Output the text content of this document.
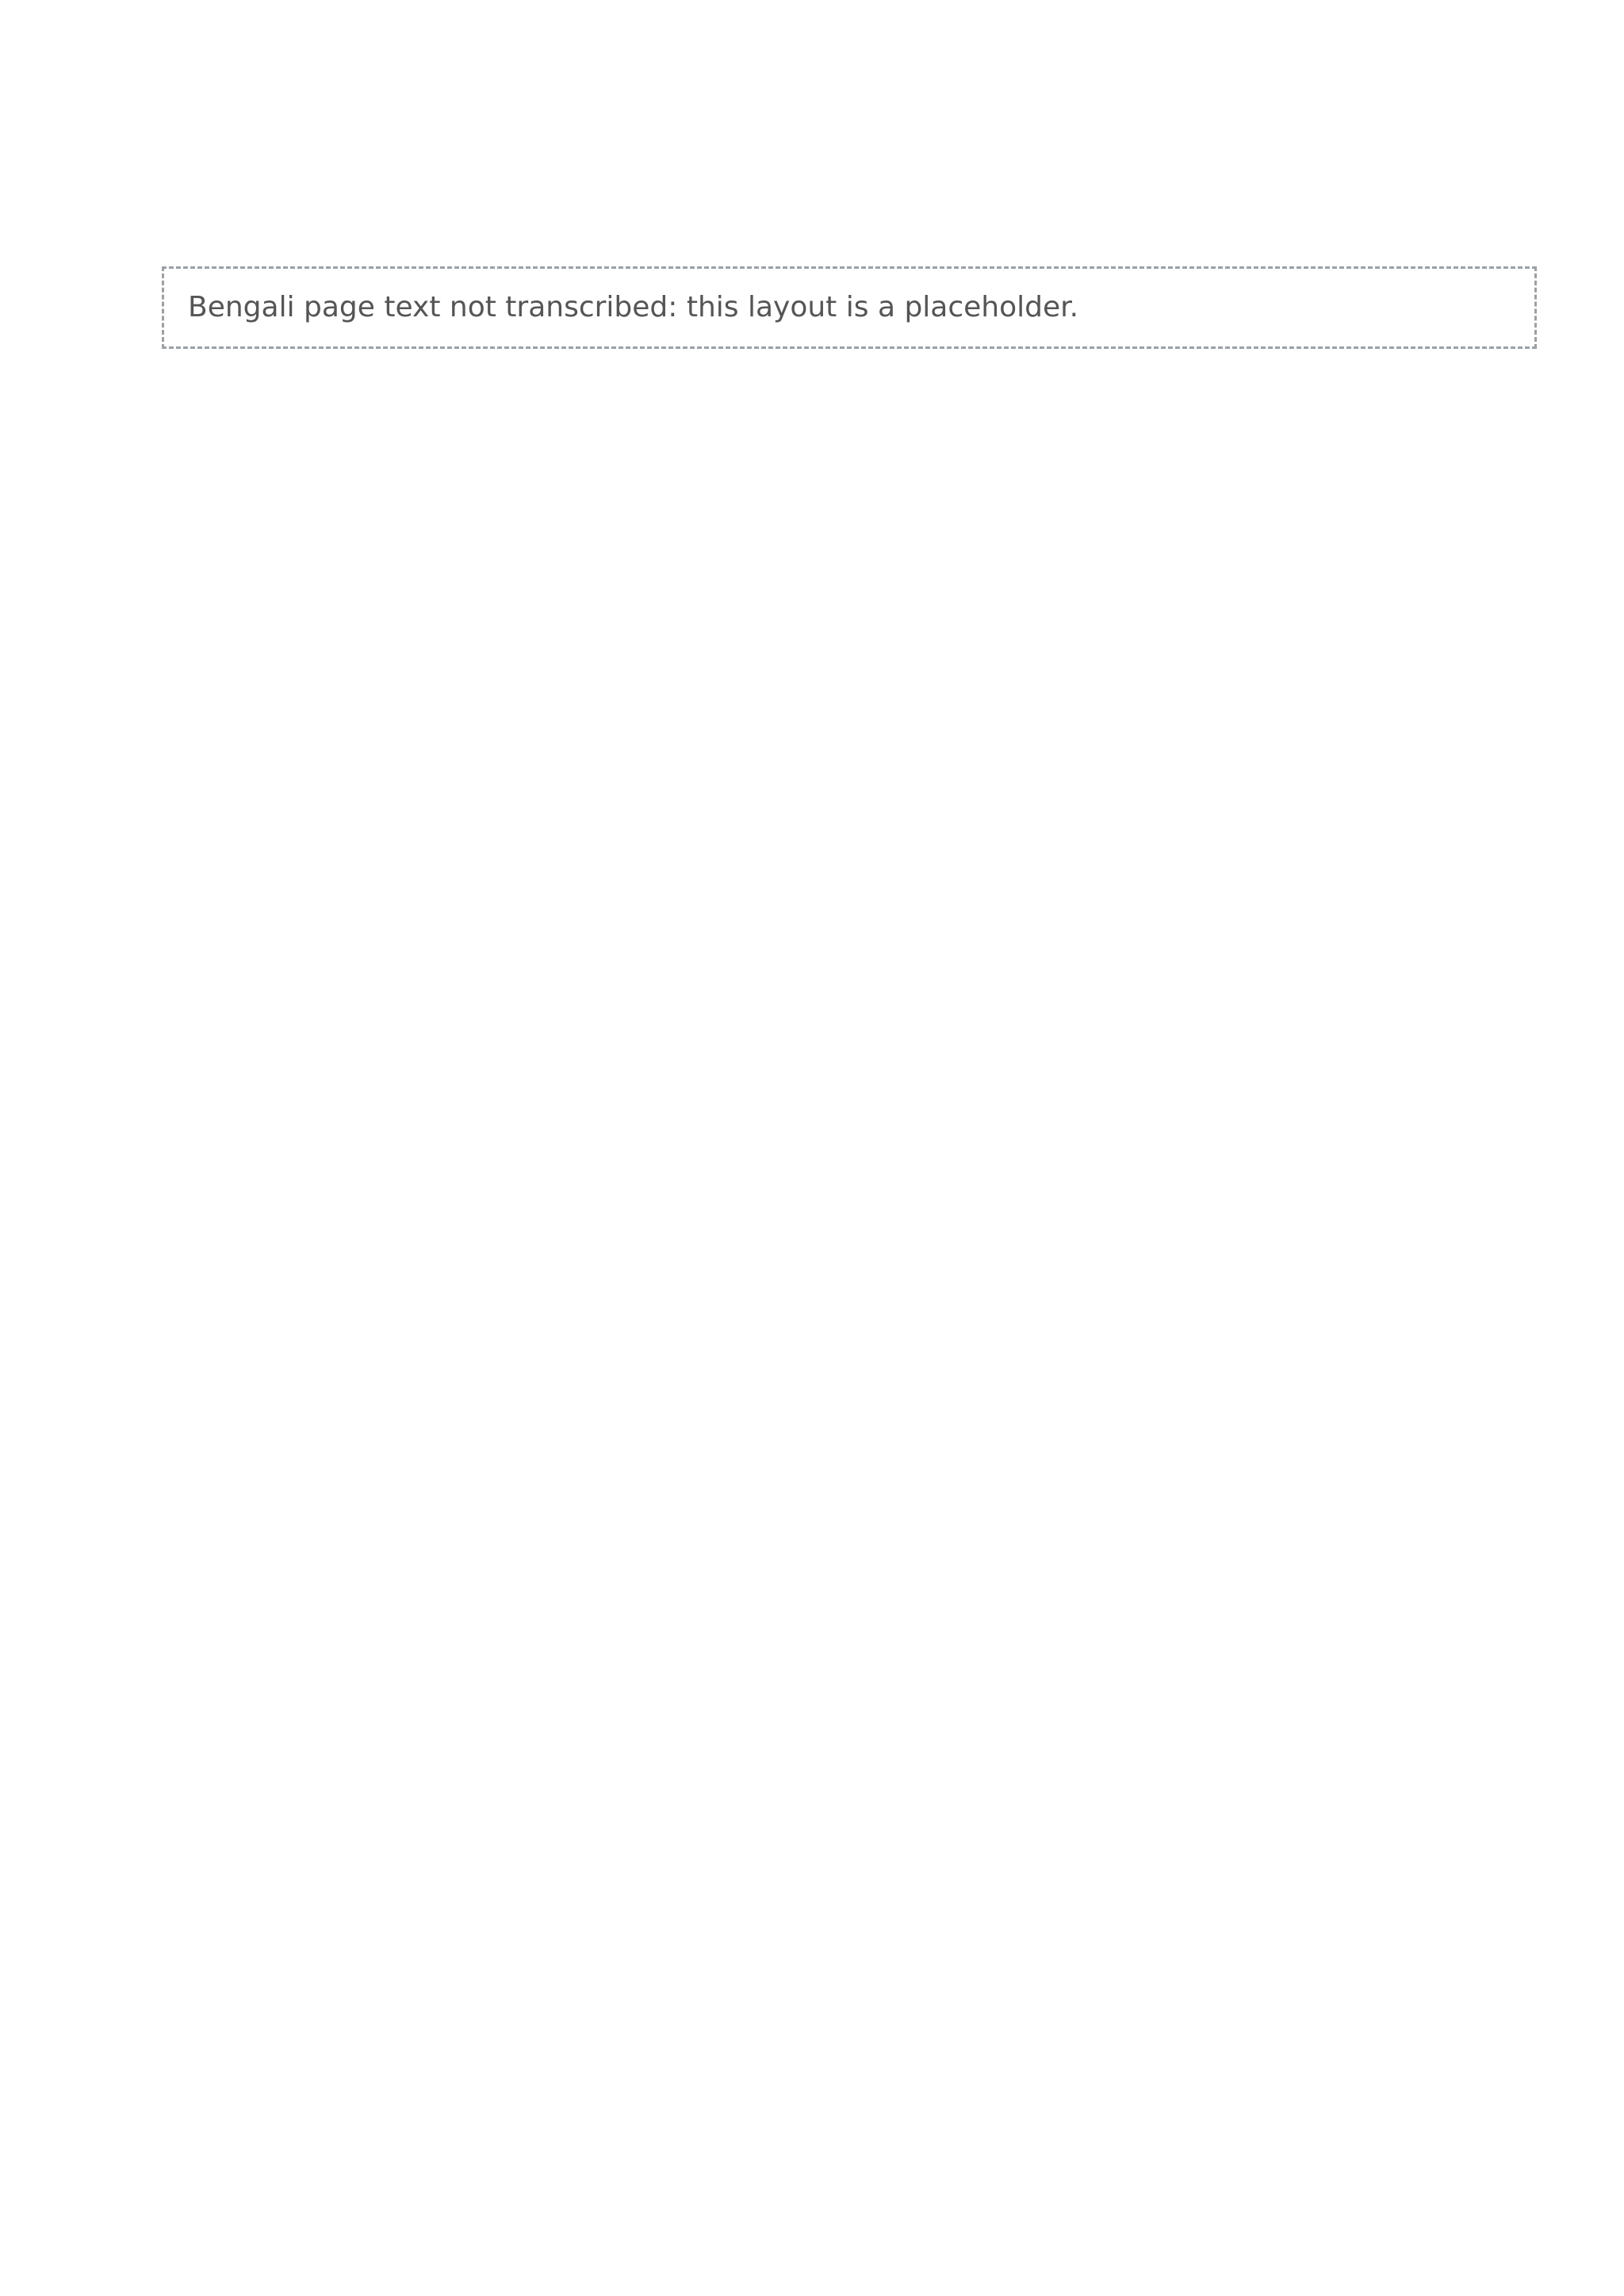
Bengali page text not transcribed: this layout is a placeholder.
